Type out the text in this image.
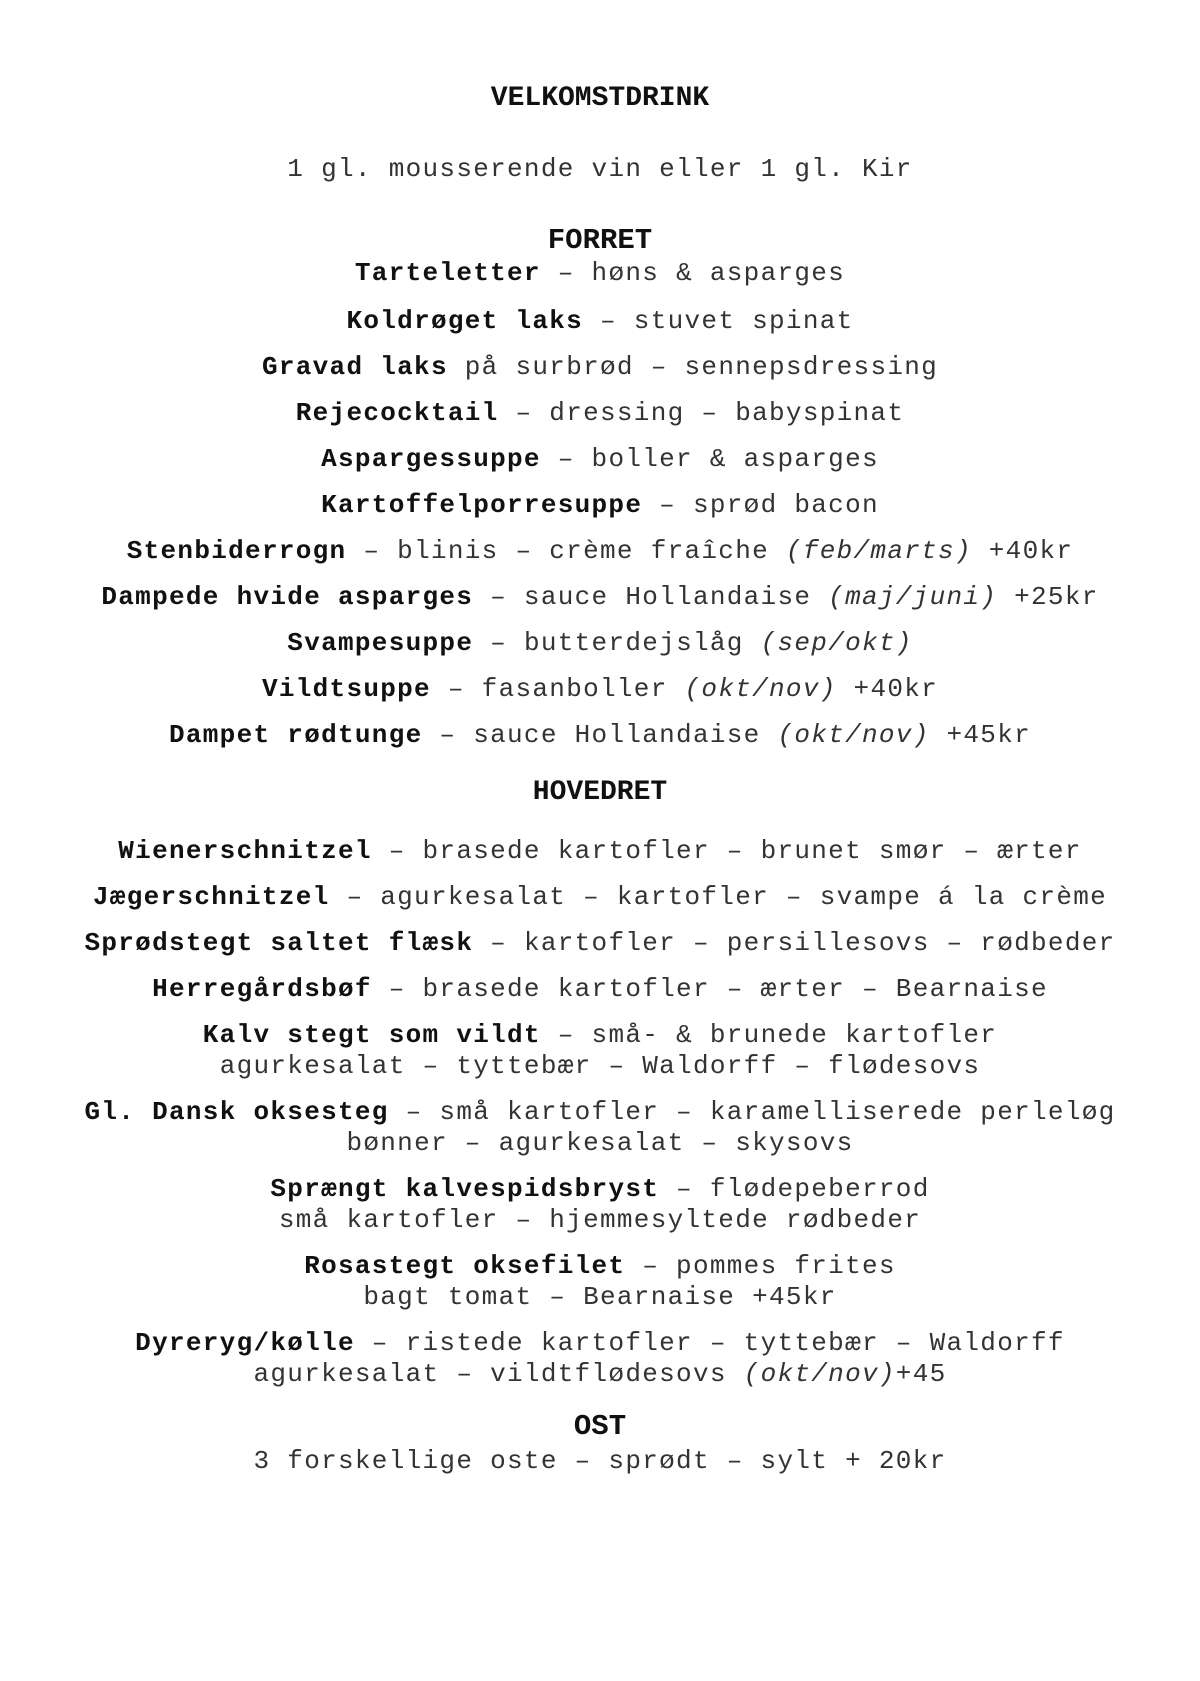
VELKOMSTDRINK
1 gl. mousserende vin eller 1 gl. Kir
FORRET
Tarteletter – høns & asparges
Koldrøget laks – stuvet spinat
Gravad laks på surbrød – sennepsdressing
Rejecocktail – dressing – babyspinat
Aspargessuppe – boller & asparges
Kartoffelporresuppe – sprød bacon
Stenbiderrogn – blinis – crème fraîche (feb/marts) +40kr
Dampede hvide asparges – sauce Hollandaise (maj/juni) +25kr
Svampesuppe – butterdejslåg (sep/okt)
Vildtsuppe – fasanboller (okt/nov) +40kr
Dampet rødtunge – sauce Hollandaise (okt/nov) +45kr
HOVEDRET
Wienerschnitzel – brasede kartofler – brunet smør – ærter
Jægerschnitzel – agurkesalat – kartofler – svampe á la crème
Sprødstegt saltet flæsk – kartofler – persillesovs – rødbeder
Herregårdsbøf – brasede kartofler – ærter – Bearnaise
Kalv stegt som vildt – små- & brunede kartofler
agurkesalat – tyttebær – Waldorff – flødesovs
Gl. Dansk oksesteg – små kartofler – karamelliserede perleløg
bønner – agurkesalat – skysovs
Sprængt kalvespidsbryst – flødepeberrod
små kartofler – hjemmesyltede rødbeder
Rosastegt oksefilet – pommes frites
bagt tomat – Bearnaise +45kr
Dyreryg/kølle – ristede kartofler – tyttebær – Waldorff
agurkesalat – vildtflødesovs (okt/nov)+45
OST
3 forskellige oste – sprødt – sylt + 20kr
